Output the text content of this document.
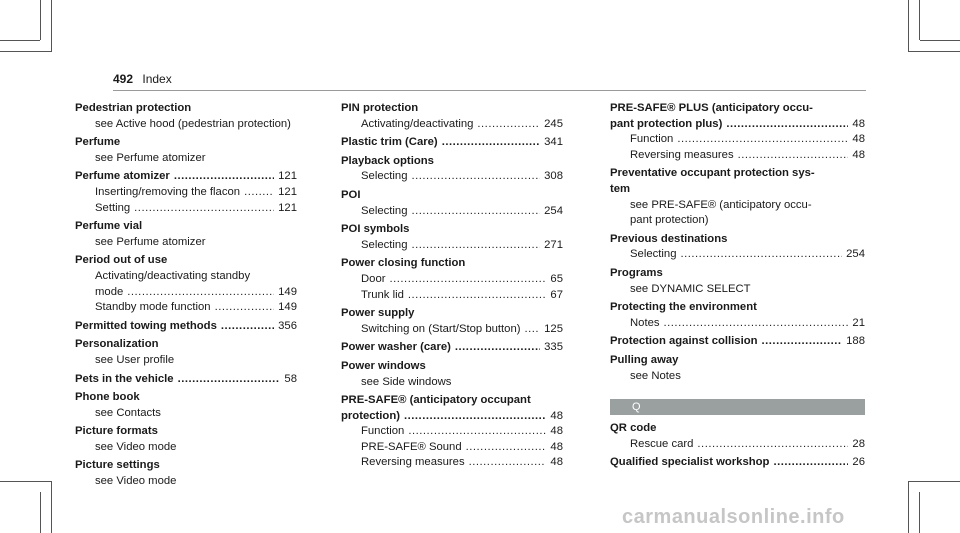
492 Index
Pedestrian protection
see Active hood (pedestrian protection)
Perfume
see Perfume atomizer
Perfume atomizer .....	121
Inserting/removing the flacon .....	121
Setting .....	121
Perfume vial
see Perfume atomizer
Period out of use
Activating/deactivating standby
mode .....	149
Standby mode function .....	149
Permitted towing methods .....	356
Personalization
see User profile
Pets in the vehicle .....	58
Phone book
see Contacts
Picture formats
see Video mode
Picture settings
see Video mode
PIN protection
Activating/deactivating .....	245
Plastic trim (Care) .....	341
Playback options
Selecting .....	308
POI
Selecting .....	254
POI symbols
Selecting .....	271
Power closing function
Door .....	65
Trunk lid .....	67
Power supply
Switching on (Start/Stop button) ..... 125
Power washer (care) .....	335
Power windows
see Side windows
PRE-SAFE® (anticipatory occupant
protection) .....	48
Function .....	48
PRE-SAFE® Sound .....	48
Reversing measures .....	48
PRE-SAFE® PLUS (anticipatory occu-
pant protection plus) .....	48
Function .....	48
Reversing measures .....	48
Preventative occupant protection sys-
tem
see PRE-SAFE® (anticipatory occu-
pant protection)
Previous destinations
Selecting .....	254
Programs
see DYNAMIC SELECT
Protecting the environment
Notes .....	21
Protection against collision .....	188
Pulling away
see Notes
Q
QR code
Rescue card .....	28
Qualified specialist workshop .....	26
carmanualsonline.info
